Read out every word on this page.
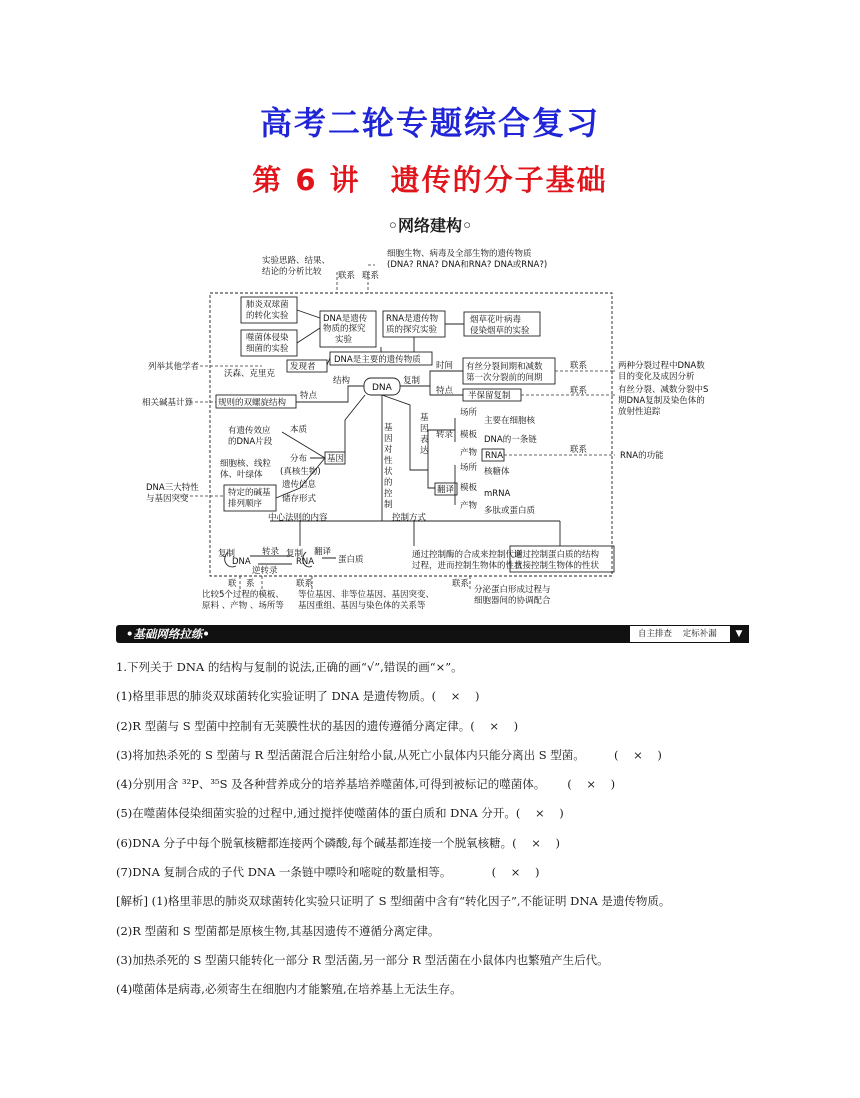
高考二轮专题综合复习
第 6 讲 遗传的分子基础
◦网络建构◦
实验思路、结果、
结论的分析比较
细胞生物、病毒及全部生物的遗传物质
(DNA? RNA? DNA和RNA? DNA或RNA?)
联系 联系
肺炎双球菌
的转化实验
噬菌体侵染
细菌的实验
DNA是遗传
物质的探究
实验
RNA是遗传物
质的探究实验
烟草花叶病毒
侵染烟草的实验
DNA是主要的遗传物质
列举其他学者
沃森、克里克
发现者
结构
DNA
复制
时间 有丝分裂间期和减数
第一次分裂前的间期
特点 半保留复制
联系
联系
两种分裂过程中DNA数
目的变化及成因分析
有丝分裂、减数分裂中S
期DNA复制及染色体的
放射性追踪
相关碱基计算	规则的双螺旋结构
特点
基
因
对
性
状
的
控
制
基
因
表
达
转录
场所
主要在细胞核
模板 DNA的一条链
产物 RNA
联系
RNA的功能
翻译
场所 核糖体
模板
mRNA
产物 多肽或蛋白质
本质
有遗传效应
的DNA片段
基因
分布
细胞核、线粒
体、叶绿体 (真核生物)
遗传信息
储存形式
特定的碱基
排列顺序
DNA三大特性
与基因突变
中心法则的内容	控制方式
复制	转录
逆转录
复制
RNA
翻译
DNA	蛋白质	通过控制酶的合成来控制代谢
过程，进而控制生物体的性状
通过控制蛋白质的结构
直接控制生物体的性状
联 系	联系	联系
比较5个过程的模板、
原料 、产物 、场所等
等位基因、非等位基因、基因突变、
基因重组、基因与染色体的关系等
分泌蛋白形成过程与
细胞器间的协调配合
•基础网络拉练•	自主排查 定标补漏	▼
1.下列关于 DNA 的结构与复制的说法,正确的画“√”,错误的画“×”。
(1)格里菲思的肺炎双球菌转化实验证明了 DNA 是遗传物质。(    ×    )
(2)R 型菌与 S 型菌中控制有无荚膜性状的基因的遗传遵循分离定律。(    ×    )
(3)将加热杀死的 S 型菌与 R 型活菌混合后注射给小鼠,从死亡小鼠体内只能分离出 S 型菌。        (    ×    )
(4)分别用含 ³²P、³⁵S 及各种营养成分的培养基培养噬菌体,可得到被标记的噬菌体。      (    ×    )
(5)在噬菌体侵染细菌实验的过程中,通过搅拌使噬菌体的蛋白质和 DNA 分开。(    ×    )
(6)DNA 分子中每个脱氧核糖都连接两个磷酸,每个碱基都连接一个脱氧核糖。(    ×    )
(7)DNA 复制合成的子代 DNA 一条链中嘌呤和嘧啶的数量相等。           (    ×    )
[解析] (1)格里菲思的肺炎双球菌转化实验只证明了 S 型细菌中含有“转化因子”,不能证明 DNA 是遗传物质。
(2)R 型菌和 S 型菌都是原核生物,其基因遗传不遵循分离定律。
(3)加热杀死的 S 型菌只能转化一部分 R 型活菌,另一部分 R 型活菌在小鼠体内也繁殖产生后代。
(4)噬菌体是病毒,必须寄生在细胞内才能繁殖,在培养基上无法生存。
